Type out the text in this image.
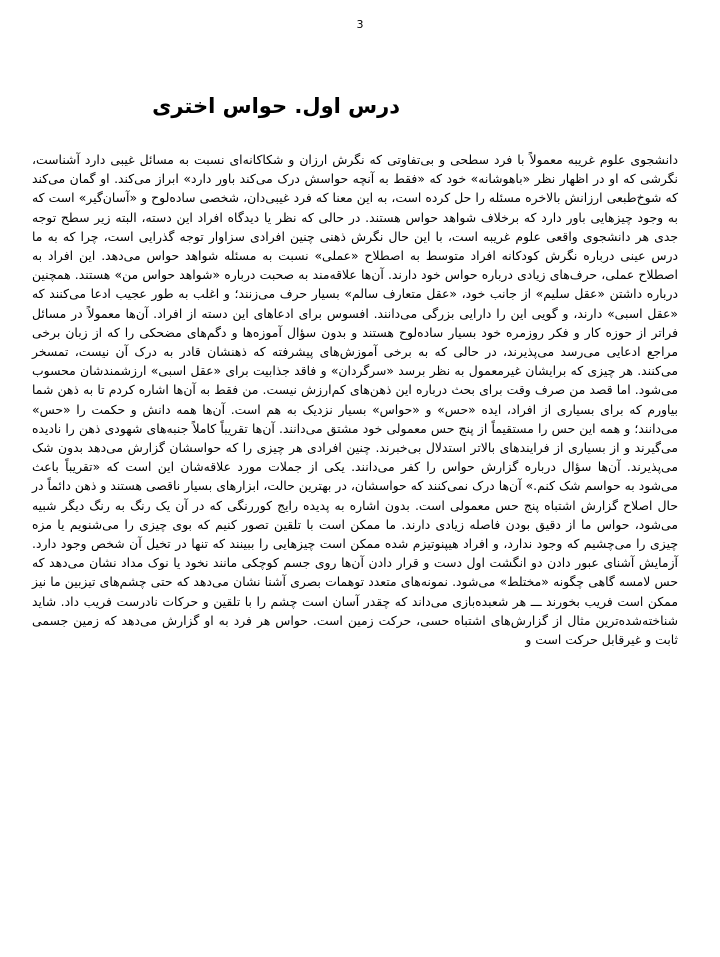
3
درس اول. حواس اختری

دانشجوی علوم غریبه معمولاً با فرد سطحی و بی‌تفاوتی که نگرش ارزان و شکاکانه‌ای نسبت به مسائل غیبی دارد آشناست، نگرشی که او در اظهار نظر «باهوشانه» خود که «فقط به آنچه حواسش درک می‌کند باور دارد» ابراز می‌کند. او گمان می‌کند که شوخ‌طبعی ارزانش بالاخره مسئله را حل کرده است، به این معنا که فرد غیبی‌دان، شخصی ساده‌لوح و «آسان‌گیر» است که به وجود چیزهایی باور دارد که برخلاف شواهد حواس هستند. در حالی که نظر یا دیدگاه افراد این دسته، البته زیر سطح توجه جدی هر دانشجوی واقعی علوم غریبه است، با این حال نگرش ذهنی چنین افرادی سزاوار توجه گذرایی است، چرا که به ما درس عینی درباره نگرش کودکانه افراد متوسط به اصطلاح «عملی» نسبت به مسئله شواهد حواس می‌دهد. این افراد به اصطلاح عملی، حرف‌های زیادی درباره حواس خود دارند. آن‌ها علاقه‌مند به صحبت درباره «شواهد حواس من» هستند. همچنین درباره داشتن «عقل سلیم» از جانب خود، «عقل متعارف سالم» بسیار حرف می‌زنند؛ و اغلب به طور عجیب ادعا می‌کنند که «عقل اسبی» دارند، و گویی این را دارایی بزرگی می‌دانند. افسوس برای ادعاهای این دسته از افراد. آن‌ها معمولاً در مسائل فراتر از حوزه کار و فکر روزمره خود بسیار ساده‌لوح هستند و بدون سؤال آموزه‌ها و دگم‌های مضحکی را که از زبان برخی مراجع ادعایی می‌رسد می‌پذیرند، در حالی که به برخی آموزش‌های پیشرفته که ذهنشان قادر به درک آن نیست، تمسخر می‌کنند. هر چیزی که برایشان غیرمعمول به نظر برسد «سرگردان» و فاقد جذابیت برای «عقل اسبی» ارزشمندشان محسوب می‌شود. اما قصد من صرف وقت برای بحث درباره این ذهن‌های کم‌ارزش نیست. من فقط به آن‌ها اشاره کردم تا به ذهن شما بیاورم که برای بسیاری از افراد، ایده «حس» و «حواس» بسیار نزدیک به هم است. آن‌ها همه دانش و حکمت را «حس» می‌دانند؛ و همه این حس را مستقیماً از پنج حس معمولی خود مشتق می‌دانند. آن‌ها تقریباً کاملاً جنبه‌های شهودی ذهن را نادیده می‌گیرند و از بسیاری از فرایندهای بالاتر استدلال بی‌خبرند. چنین افرادی هر چیزی را که حواسشان گزارش می‌دهد بدون شک می‌پذیرند. آن‌ها سؤال درباره گزارش حواس را کفر می‌دانند. یکی از جملات مورد علاقه‌شان این است که «تقریباً باعث می‌شود به حواسم شک کنم.» آن‌ها درک نمی‌کنند که حواسشان، در بهترین حالت، ابزارهای بسیار ناقصی هستند و ذهن دائماً در حال اصلاح گزارش اشتباه پنج حس معمولی است. بدون اشاره به پدیده رایج کوررنگی که در آن یک رنگ به رنگ دیگر شبیه می‌شود، حواس ما از دقیق بودن فاصله زیادی دارند. ما ممکن است با تلقین تصور کنیم که بوی چیزی را می‌شنویم یا مزه چیزی را می‌چشیم که وجود ندارد، و افراد هیپنوتیزم شده ممکن است چیزهایی را ببینند که تنها در تخیل آن شخص وجود دارد. آزمایش آشنای عبور دادن دو انگشت اول دست و قرار دادن آن‌ها روی جسم کوچکی مانند نخود یا نوک مداد نشان می‌دهد که حس لامسه گاهی چگونه «مختلط» می‌شود. نمونه‌های متعدد توهمات بصری آشنا نشان می‌دهد که حتی چشم‌های تیزبین ما نیز ممکن است فریب بخورند ـــ هر شعبده‌بازی می‌داند که چقدر آسان است چشم را با تلقین و حرکات نادرست فریب داد. شاید شناخته‌شده‌ترین مثال از گزارش‌های اشتباه حسی، حرکت زمین است. حواس هر فرد به او گزارش می‌دهد که زمین جسمی ثابت و غیرقابل حرکت است و
